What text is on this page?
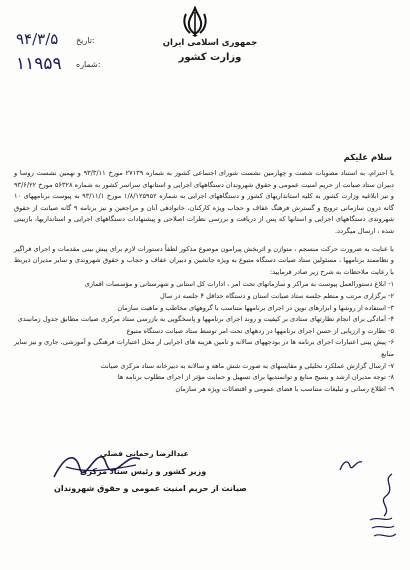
جمهوری اسلامی ایران
وزارت کشور
۹۴/۳/۵
۱۱۹۵۹
تاریخ:
شماره:
سلام علیکم

با احترام، به استناد مصوبات شصت و چهارمین نشست شورای اجتماعی کشور به شماره ۲۷۱۳۹ مورخ ۹۳/۳/۱۱ و نهمین نشست روسا و دبیران ستاد صیانت از حریم امنیت عمومی و حقوق شهروندان دستگاههای اجرایی و استانهای سراسر کشور به شماره ۵۶۳۲۸ مورخ ۹۳/۶/۲۲ و نیز ابلاغیه وزارت کشور به کلیه استانداریهای کشور و دستگاههای اجرایی به شماره ۱/۸/۱۲۵۹۵۲ مورخ ۹۳/۱۱/۱ به پیوست برنامههای ۱۰ گانه درون سازمانی ترویج و گسترش فرهنگ عفاف و حجاب ویژه کارکنان، خانوادهی آنان و مراجعین و نیز برنامه ۹ گانه صیانت از حقوق شهروندی دستگاههای اجرایی و استانها که پس از دریافت و بررسی نظرات اصلاحی و پیشنهادات دستگاههای اجرایی و استانداریها، بازبینی شده ، ارسال میگردد.

با عنایت به ضرورت حرکت منسجم ، متوازن و اثربخش پیرامون موضوع مذکور لطفاً دستورات لازم برای پیش بینی مقدمات و اجرای فراگیر و نظاممند برنامهها ، مسئولین ستاد صیانت دستگاه متبوع به ویژه جانشین و دبیران عفاف و حجاب و حقوق شهروندی و سایر مدیران ذیربط با رعایت ملاحظات به شرح زیر صادر فرمایید:

۱- ابلاغ دستورالعمل پیوست به مراکز و سازمانهای تحت امر ، ادارات کل استانی و شهرستانی و مؤسسات اقماری
۲- برگزاری مرتب و منظم جلسه ستاد صیانت استان و دستگاه حداقل ۴ جلسه در سال
۳- استفاده از روشها و ابزارهای نوین در اجرای برنامهها متناسب با گروههای مخاطب و ماهیت سازمان
۴- آمادگی برای انجام نظارتهای ستادی بر کیفیت و روند اجرای برنامهها و پاسخگویی به بازرسی ستاد مرکزی صیانت مطابق جدول زمانبندی
۵- نظارت و ارزیابی از حسن اجرای برنامهها در ردههای تحت امر توسط ستاد صیانت دستگاه متبوع
۶- پیش بینی اعتبارات اجرای برنامه ها در بودجههای سالانه و تامین هزینه های اجرایی از محل اعتبارات فرهنگی و آموزشی، جاری و نیز سایر منابع
۷- ارسال گزارش عملکرد تحلیلی و مقایسهای به صورت شش ماهه و سالانه به دبیرخانه ستاد مرکزی صیانت
۸- توجه مدیران ارشد و بسیج منابع و توانمندیها برای تسهیل و حمایت مؤثر از اجرای مطلوب برنامه ها
۹- اطلاع رسانی و تبلیغات متناسب با فضای عمومی و اقتضائات ویژه هر سازمان
عبدالرضا رحمانی فضلی
وزیر کشور و رئیس ستاد مرکزی
صیانت از حریم امنیت عمومی و حقوق شهروندان
